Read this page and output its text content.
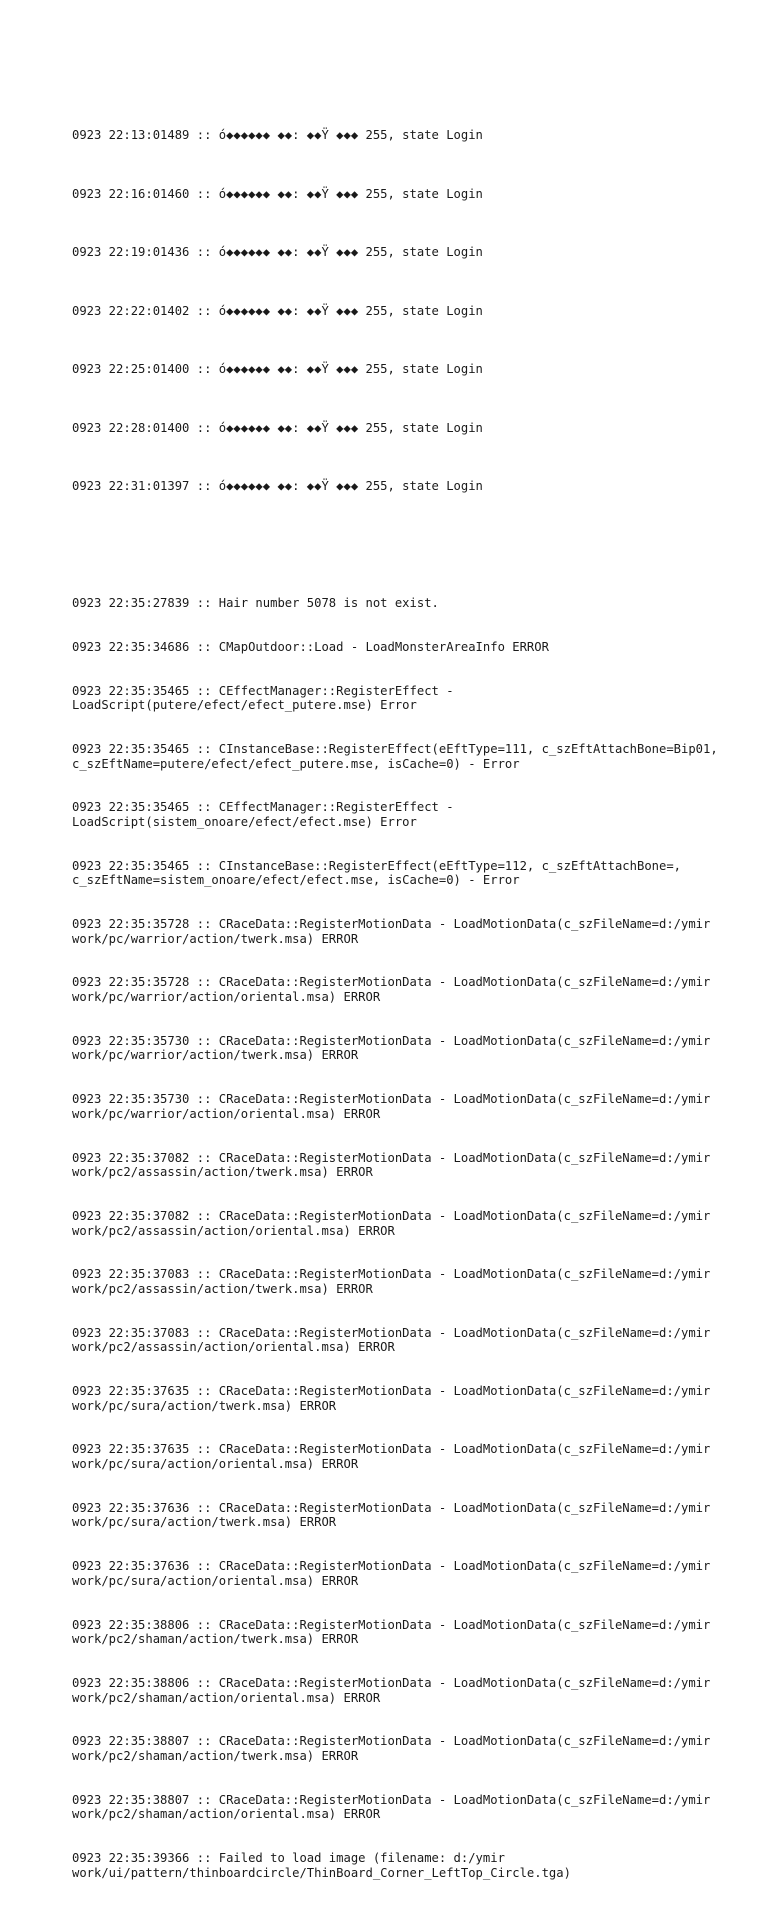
0923 22:13:01489 :: ó◆◆◆◆◆◆ ◆◆: ◆◆Ÿ ◆◆◆ 255, state Login

0923 22:16:01460 :: ó◆◆◆◆◆◆ ◆◆: ◆◆Ÿ ◆◆◆ 255, state Login

0923 22:19:01436 :: ó◆◆◆◆◆◆ ◆◆: ◆◆Ÿ ◆◆◆ 255, state Login

0923 22:22:01402 :: ó◆◆◆◆◆◆ ◆◆: ◆◆Ÿ ◆◆◆ 255, state Login

0923 22:25:01400 :: ó◆◆◆◆◆◆ ◆◆: ◆◆Ÿ ◆◆◆ 255, state Login

0923 22:28:01400 :: ó◆◆◆◆◆◆ ◆◆: ◆◆Ÿ ◆◆◆ 255, state Login

0923 22:31:01397 :: ó◆◆◆◆◆◆ ◆◆: ◆◆Ÿ ◆◆◆ 255, state Login

0923 22:35:27839 :: Hair number 5078 is not exist.

0923 22:35:34686 :: CMapOutdoor::Load - LoadMonsterAreaInfo ERROR

0923 22:35:35465 :: CEffectManager::RegisterEffect - LoadScript(putere/efect/efect_putere.mse) Error

0923 22:35:35465 :: CInstanceBase::RegisterEffect(eEftType=111, c_szEftAttachBone=Bip01, c_szEftName=putere/efect/efect_putere.mse, isCache=0) - Error

0923 22:35:35465 :: CEffectManager::RegisterEffect - LoadScript(sistem_onoare/efect/efect.mse) Error

0923 22:35:35465 :: CInstanceBase::RegisterEffect(eEftType=112, c_szEftAttachBone=, c_szEftName=sistem_onoare/efect/efect.mse, isCache=0) - Error

0923 22:35:35728 :: CRaceData::RegisterMotionData - LoadMotionData(c_szFileName=d:/ymir work/pc/warrior/action/twerk.msa) ERROR

0923 22:35:35728 :: CRaceData::RegisterMotionData - LoadMotionData(c_szFileName=d:/ymir work/pc/warrior/action/oriental.msa) ERROR

0923 22:35:35730 :: CRaceData::RegisterMotionData - LoadMotionData(c_szFileName=d:/ymir work/pc/warrior/action/twerk.msa) ERROR

0923 22:35:35730 :: CRaceData::RegisterMotionData - LoadMotionData(c_szFileName=d:/ymir work/pc/warrior/action/oriental.msa) ERROR

0923 22:35:37082 :: CRaceData::RegisterMotionData - LoadMotionData(c_szFileName=d:/ymir work/pc2/assassin/action/twerk.msa) ERROR

0923 22:35:37082 :: CRaceData::RegisterMotionData - LoadMotionData(c_szFileName=d:/ymir work/pc2/assassin/action/oriental.msa) ERROR

0923 22:35:37083 :: CRaceData::RegisterMotionData - LoadMotionData(c_szFileName=d:/ymir work/pc2/assassin/action/twerk.msa) ERROR

0923 22:35:37083 :: CRaceData::RegisterMotionData - LoadMotionData(c_szFileName=d:/ymir work/pc2/assassin/action/oriental.msa) ERROR

0923 22:35:37635 :: CRaceData::RegisterMotionData - LoadMotionData(c_szFileName=d:/ymir work/pc/sura/action/twerk.msa) ERROR

0923 22:35:37635 :: CRaceData::RegisterMotionData - LoadMotionData(c_szFileName=d:/ymir work/pc/sura/action/oriental.msa) ERROR

0923 22:35:37636 :: CRaceData::RegisterMotionData - LoadMotionData(c_szFileName=d:/ymir work/pc/sura/action/twerk.msa) ERROR

0923 22:35:37636 :: CRaceData::RegisterMotionData - LoadMotionData(c_szFileName=d:/ymir work/pc/sura/action/oriental.msa) ERROR

0923 22:35:38806 :: CRaceData::RegisterMotionData - LoadMotionData(c_szFileName=d:/ymir work/pc2/shaman/action/twerk.msa) ERROR

0923 22:35:38806 :: CRaceData::RegisterMotionData - LoadMotionData(c_szFileName=d:/ymir work/pc2/shaman/action/oriental.msa) ERROR

0923 22:35:38807 :: CRaceData::RegisterMotionData - LoadMotionData(c_szFileName=d:/ymir work/pc2/shaman/action/twerk.msa) ERROR

0923 22:35:38807 :: CRaceData::RegisterMotionData - LoadMotionData(c_szFileName=d:/ymir work/pc2/shaman/action/oriental.msa) ERROR

0923 22:35:39366 :: Failed to load image (filename: d:/ymir work/ui/pattern/thinboardcircle/ThinBoard_Corner_LeftTop_Circle.tga)
